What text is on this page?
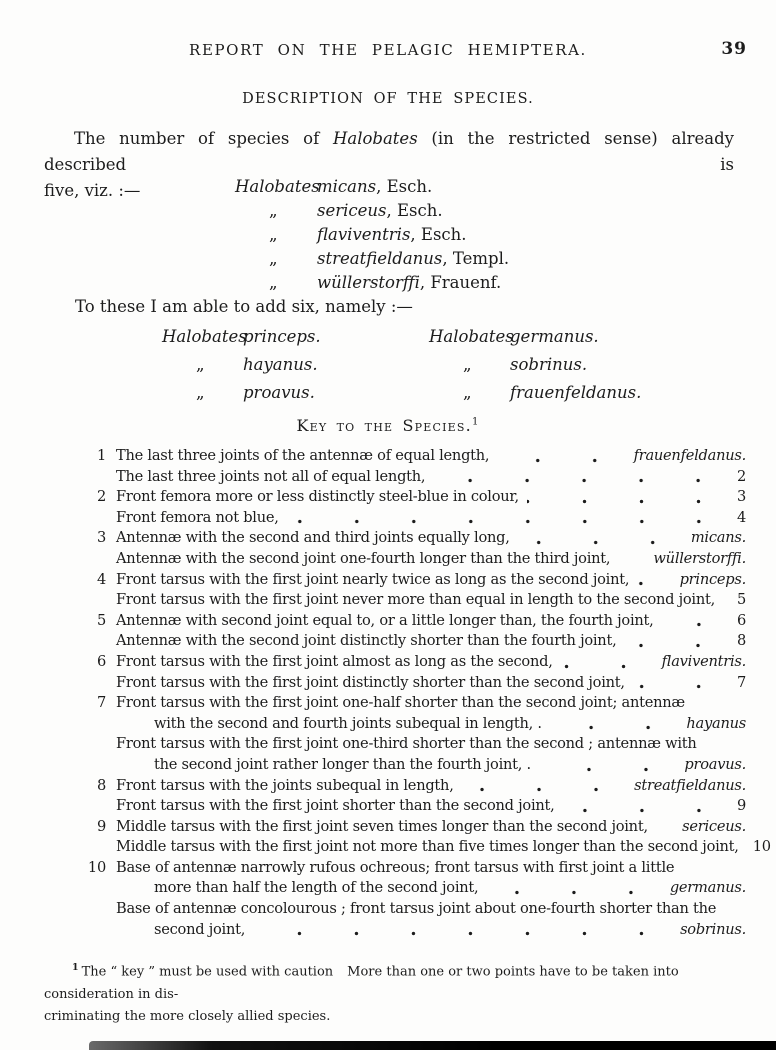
REPORT ON THE PELAGIC HEMIPTERA.	39
DESCRIPTION OF THE SPECIES.
The number of species of Halobates (in the restricted sense) already described is
five, viz. :—	Halobates
micans , Esch.
„	sericeus , Esch.
„	flaviventris , Esch.
„	streatfieldanus , Templ.
„	wüllerstorffi , Frauenf.
To these I am able to add six, namely :—
Halobates
princeps.
„	hayanus.
„	proavus.
Halobates
germanus.
„	sobrinus.
„	frauenfeldanus.
Key to the Species.$^1$
1 The last three joints of the antennæ of equal length,	frauenfeldanus.
The last three joints not all of equal length,	2
2 Front femora more or less distinctly steel-blue in colour,	3
Front femora not blue,	4
3 Antennæ with the second and third joints equally long,	micans.
Antennæ with the second joint one-fourth longer than the third joint,	wüllerstorffi.
4 Front tarsus with the first joint nearly twice as long as the second joint,	princeps.
Front tarsus with the first joint never more than equal in length to the second joint, 5
5 Antennæ with second joint equal to, or a little longer than, the fourth joint,	6
Antennæ with the second joint distinctly shorter than the fourth joint,	8
6 Front tarsus with the first joint almost as long as the second,	flaviventris.
Front tarsus with the first joint distinctly shorter than the second joint,	7
7 Front tarsus with the first joint one-half shorter than the second joint; antennæ
with the second and fourth joints subequal in length, .	hayanus
Front tarsus with the first joint one-third shorter than the second ; antennæ with
the second joint rather longer than the fourth joint, .	proavus.
8 Front tarsus with the joints subequal in length,	streatfieldanus.
Front tarsus with the first joint shorter than the second joint,	9
9 Middle tarsus with the first joint seven times longer than the second joint, sericeus.
Middle tarsus with the first joint not more than five times longer than the second joint, 10
10 Base of antennæ narrowly rufous ochreous; front tarsus with first joint a little
more than half the length of the second joint,	germanus.
Base of antennæ concolourous ; front tarsus joint about one-fourth shorter than the
second joint,	sobrinus.
$^1$ The “ key ” must be used with caution More than one or two points have to be taken into consideration in dis-
criminating the more closely allied species.
